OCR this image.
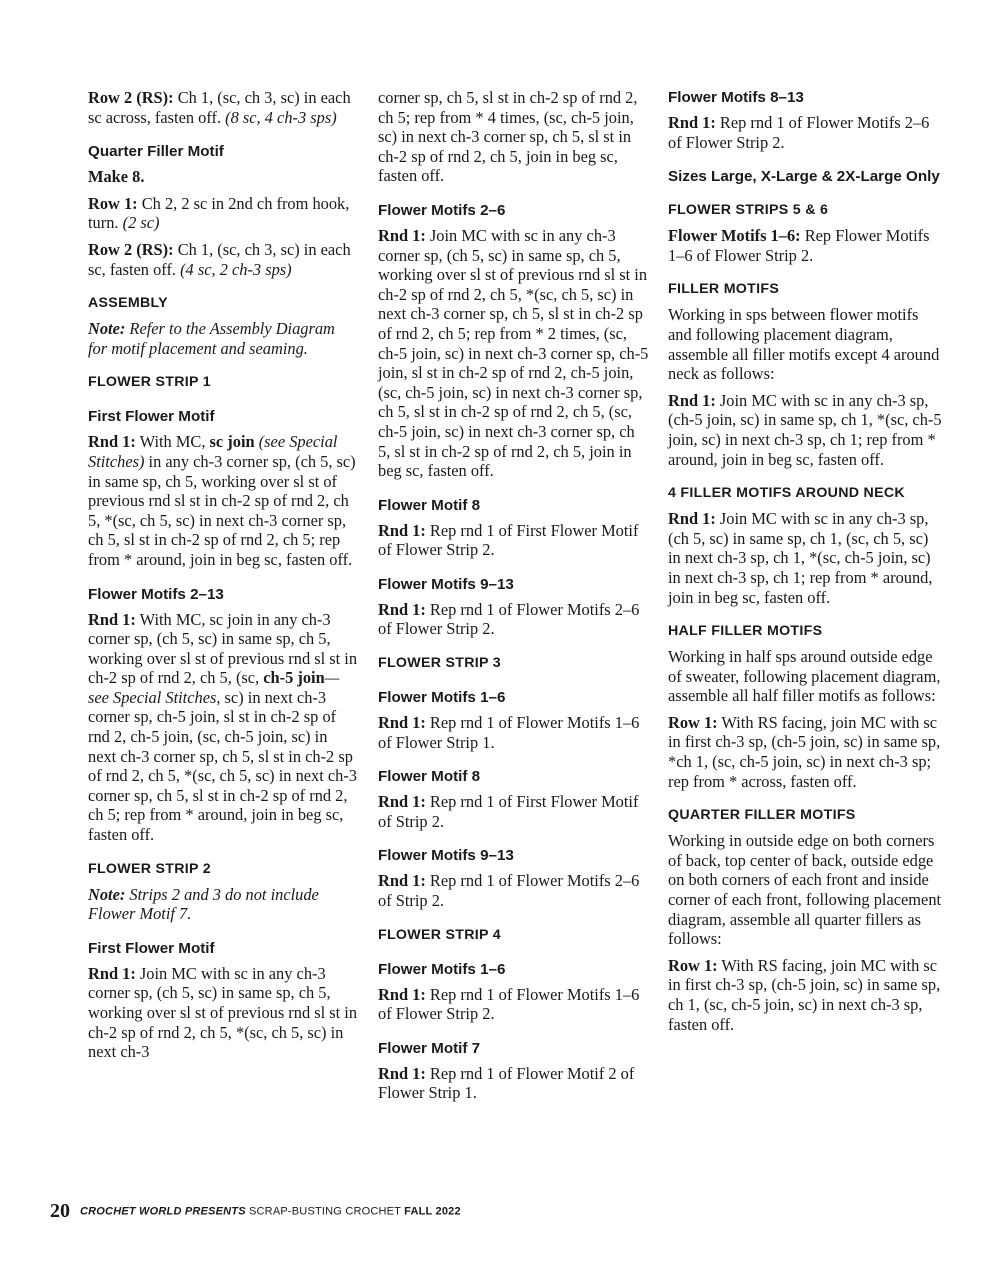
Row 2 (RS): Ch 1, (sc, ch 3, sc) in each sc across, fasten off. (8 sc, 4 ch-3 sps)

Quarter Filler Motif

Make 8.

Row 1: Ch 2, 2 sc in 2nd ch from hook, turn. (2 sc)

Row 2 (RS): Ch 1, (sc, ch 3, sc) in each sc, fasten off. (4 sc, 2 ch-3 sps)

ASSEMBLY

Note: Refer to the Assembly Diagram for motif placement and seaming.

FLOWER STRIP 1
First Flower Motif

Rnd 1: With MC, sc join (see Special Stitches) in any ch-3 corner sp, (ch 5, sc) in same sp, ch 5, working over sl st of previous rnd sl st in ch-2 sp of rnd 2, ch 5, *(sc, ch 5, sc) in next ch-3 corner sp, ch 5, sl st in ch-2 sp of rnd 2, ch 5; rep from * around, join in beg sc, fasten off.

Flower Motifs 2–13

Rnd 1: With MC, sc join in any ch-3 corner sp, (ch 5, sc) in same sp, ch 5, working over sl st of previous rnd sl st in ch-2 sp of rnd 2, ch 5, (sc, ch-5 join—see Special Stitches, sc) in next ch-3 corner sp, ch-5 join, sl st in ch-2 sp of rnd 2, ch-5 join, (sc, ch-5 join, sc) in next ch-3 corner sp, ch 5, sl st in ch-2 sp of rnd 2, ch 5, *(sc, ch 5, sc) in next ch-3 corner sp, ch 5, sl st in ch-2 sp of rnd 2, ch 5; rep from * around, join in beg sc, fasten off.

FLOWER STRIP 2

Note: Strips 2 and 3 do not include Flower Motif 7.

First Flower Motif

Rnd 1: Join MC with sc in any ch-3 corner sp, (ch 5, sc) in same sp, ch 5, working over sl st of previous rnd sl st in ch-2 sp of rnd 2, ch 5, *(sc, ch 5, sc) in next ch-3

corner sp, ch 5, sl st in ch-2 sp of rnd 2, ch 5; rep from * 4 times, (sc, ch-5 join, sc) in next ch-3 corner sp, ch 5, sl st in ch-2 sp of rnd 2, ch 5, join in beg sc, fasten off.

Flower Motifs 2–6

Rnd 1: Join MC with sc in any ch-3 corner sp, (ch 5, sc) in same sp, ch 5, working over sl st of previous rnd sl st in ch-2 sp of rnd 2, ch 5, *(sc, ch 5, sc) in next ch-3 corner sp, ch 5, sl st in ch-2 sp of rnd 2, ch 5; rep from * 2 times, (sc, ch-5 join, sc) in next ch-3 corner sp, ch-5 join, sl st in ch-2 sp of rnd 2, ch-5 join, (sc, ch-5 join, sc) in next ch-3 corner sp, ch 5, sl st in ch-2 sp of rnd 2, ch 5, (sc, ch-5 join, sc) in next ch-3 corner sp, ch 5, sl st in ch-2 sp of rnd 2, ch 5, join in beg sc, fasten off.

Flower Motif 8

Rnd 1: Rep rnd 1 of First Flower Motif of Flower Strip 2.

Flower Motifs 9–13

Rnd 1: Rep rnd 1 of Flower Motifs 2–6 of Flower Strip 2.

FLOWER STRIP 3
Flower Motifs 1–6

Rnd 1: Rep rnd 1 of Flower Motifs 1–6 of Flower Strip 1.

Flower Motif 8

Rnd 1: Rep rnd 1 of First Flower Motif of Strip 2.

Flower Motifs 9–13

Rnd 1: Rep rnd 1 of Flower Motifs 2–6 of Strip 2.

FLOWER STRIP 4
Flower Motifs 1–6

Rnd 1: Rep rnd 1 of Flower Motifs 1–6 of Flower Strip 2.

Flower Motif 7

Rnd 1: Rep rnd 1 of Flower Motif 2 of Flower Strip 1.

Flower Motifs 8–13

Rnd 1: Rep rnd 1 of Flower Motifs 2–6 of Flower Strip 2.

Sizes Large, X-Large & 2X-Large Only
FLOWER STRIPS 5 & 6

Flower Motifs 1–6: Rep Flower Motifs 1–6 of Flower Strip 2.

FILLER MOTIFS

Working in sps between flower motifs and following placement diagram, assemble all filler motifs except 4 around neck as follows:

Rnd 1: Join MC with sc in any ch-3 sp, (ch-5 join, sc) in same sp, ch 1, *(sc, ch-5 join, sc) in next ch-3 sp, ch 1; rep from * around, join in beg sc, fasten off.

4 FILLER MOTIFS AROUND NECK

Rnd 1: Join MC with sc in any ch-3 sp, (ch 5, sc) in same sp, ch 1, (sc, ch 5, sc) in next ch-3 sp, ch 1, *(sc, ch-5 join, sc) in next ch-3 sp, ch 1; rep from * around, join in beg sc, fasten off.

HALF FILLER MOTIFS

Working in half sps around outside edge of sweater, following placement diagram, assemble all half filler motifs as follows:

Row 1: With RS facing, join MC with sc in first ch-3 sp, (ch-5 join, sc) in same sp, *ch 1, (sc, ch-5 join, sc) in next ch-3 sp; rep from * across, fasten off.

QUARTER FILLER MOTIFS

Working in outside edge on both corners of back, top center of back, outside edge on both corners of each front and inside corner of each front, following placement diagram, assemble all quarter fillers as follows:

Row 1: With RS facing, join MC with sc in first ch-3 sp, (ch-5 join, sc) in same sp, ch 1, (sc, ch-5 join, sc) in next ch-3 sp, fasten off.

20 CROCHET WORLD PRESENTS SCRAP-BUSTING CROCHET FALL 2022
